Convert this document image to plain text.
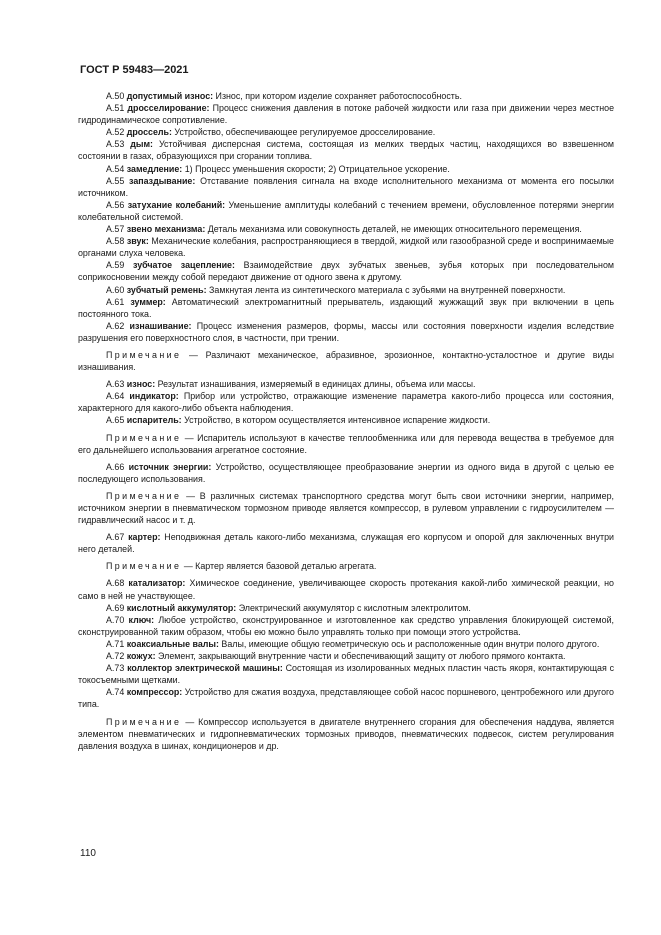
ГОСТ Р 59483—2021

A.50 допустимый износ: Износ, при котором изделие сохраняет работоспособность.

A.51 дросселирование: Процесс снижения давления в потоке рабочей жидкости или газа при движении через местное гидродинамическое сопротивление.

A.52 дроссель: Устройство, обеспечивающее регулируемое дросселирование.

A.53 дым: Устойчивая дисперсная система, состоящая из мелких твердых частиц, находящихся во взвешенном состоянии в газах, образующихся при сгорании топлива.

A.54 замедление: 1) Процесс уменьшения скорости; 2) Отрицательное ускорение.

A.55 запаздывание: Отставание появления сигнала на входе исполнительного механизма от момента его посылки источником.

A.56 затухание колебаний: Уменьшение амплитуды колебаний с течением времени, обусловленное потерями энергии колебательной системой.

A.57 звено механизма: Деталь механизма или совокупность деталей, не имеющих относительного перемещения.

A.58 звук: Механические колебания, распространяющиеся в твердой, жидкой или газообразной среде и воспринимаемые органами слуха человека.

A.59 зубчатое зацепление: Взаимодействие двух зубчатых звеньев, зубья которых при последовательном соприкосновении между собой передают движение от одного звена к другому.

A.60 зубчатый ремень: Замкнутая лента из синтетического материала с зубьями на внутренней поверхности.

A.61 зуммер: Автоматический электромагнитный прерыватель, издающий жужжащий звук при включении в цепь постоянного тока.

A.62 изнашивание: Процесс изменения размеров, формы, массы или состояния поверхности изделия вследствие разрушения его поверхностного слоя, в частности, при трении.

Примечание — Различают механическое, абразивное, эрозионное, контактно-усталостное и другие виды изнашивания.

A.63 износ: Результат изнашивания, измеряемый в единицах длины, объема или массы.

A.64 индикатор: Прибор или устройство, отражающие изменение параметра какого-либо процесса или состояния, характерного для какого-либо объекта наблюдения.

A.65 испаритель: Устройство, в котором осуществляется интенсивное испарение жидкости.

Примечание — Испаритель используют в качестве теплообменника или для перевода вещества в требуемое для его дальнейшего использования агрегатное состояние.

A.66 источник энергии: Устройство, осуществляющее преобразование энергии из одного вида в другой с целью ее последующего использования.

Примечание — В различных системах транспортного средства могут быть свои источники энергии, например, источником энергии в пневматическом тормозном приводе является компрессор, в рулевом управлении с гидроусилителем — гидравлический насос и т. д.

A.67 картер: Неподвижная деталь какого-либо механизма, служащая его корпусом и опорой для заключенных внутри него деталей.

Примечание — Картер является базовой деталью агрегата.

A.68 катализатор: Химическое соединение, увеличивающее скорость протекания какой-либо химической реакции, но само в ней не участвующее.

A.69 кислотный аккумулятор: Электрический аккумулятор с кислотным электролитом.

A.70 ключ: Любое устройство, сконструированное и изготовленное как средство управления блокирующей системой, сконструированной таким образом, чтобы ею можно было управлять только при помощи этого устройства.

A.71 коаксиальные валы: Валы, имеющие общую геометрическую ось и расположенные один внутри полого другого.

A.72 кожух: Элемент, закрывающий внутренние части и обеспечивающий защиту от любого прямого контакта.

A.73 коллектор электрической машины: Состоящая из изолированных медных пластин часть якоря, контактирующая с токосъемными щетками.

A.74 компрессор: Устройство для сжатия воздуха, представляющее собой насос поршневого, центробежного или другого типа.

Примечание — Компрессор используется в двигателе внутреннего сгорания для обеспечения наддува, является элементом пневматических и гидропневматических тормозных приводов, пневматических подвесок, систем регулирования давления воздуха в шинах, кондиционеров и др.

110
